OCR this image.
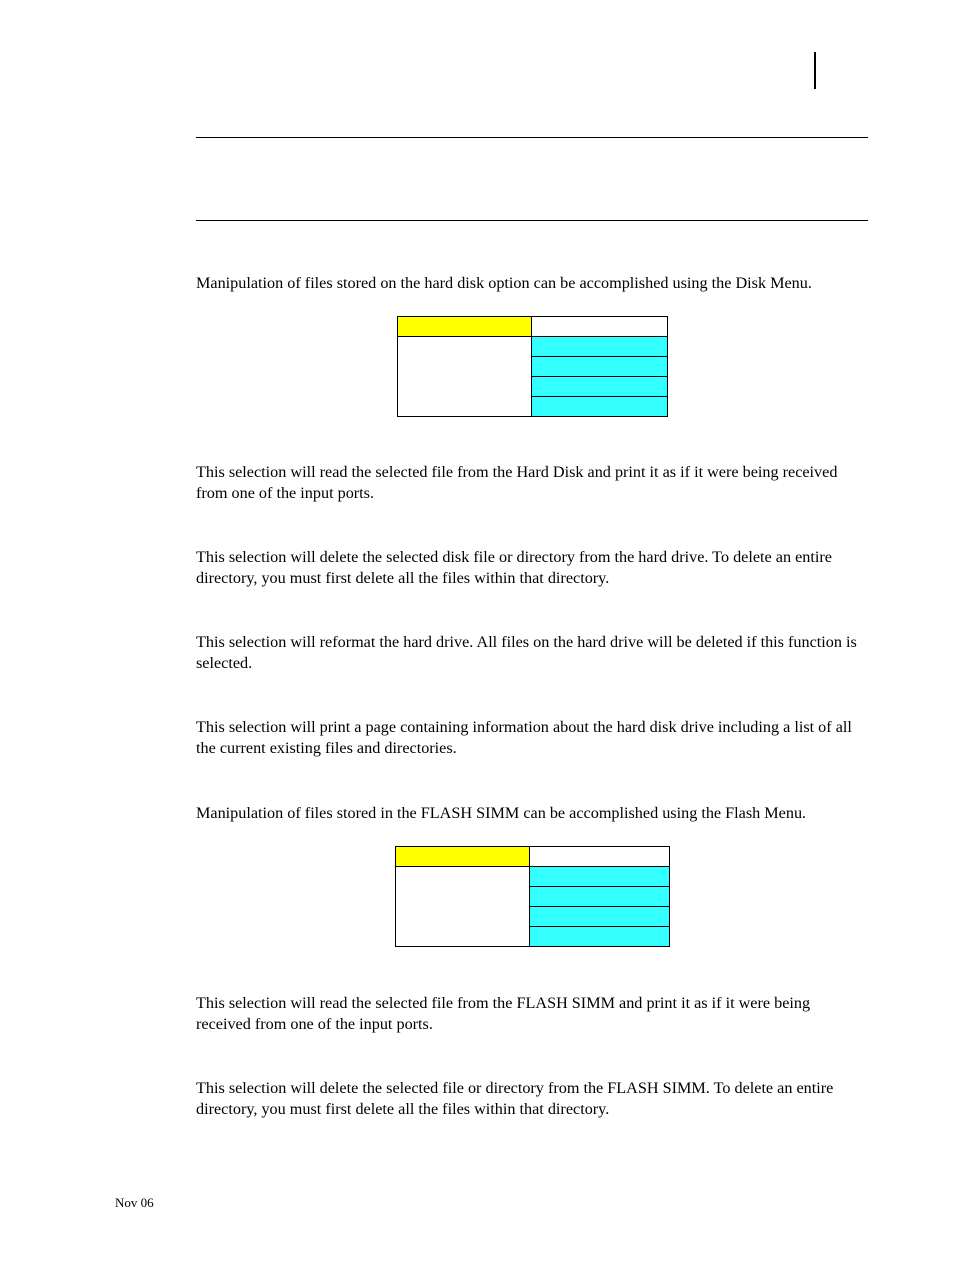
Manipulation of files stored on the hard disk option can be accomplished using the Disk Menu.

This selection will read the selected file from the Hard Disk and print it as if it were being received from one of the input ports.
This selection will delete the selected disk file or directory from the hard drive. To delete an entire directory, you must first delete all the files within that directory.
This selection will reformat the hard drive. All files on the hard drive will be deleted if this function is selected.
This selection will print a page containing information about the hard disk drive including a list of all the current existing files and directories.
Manipulation of files stored in the FLASH SIMM can be accomplished using the Flash Menu.

This selection will read the selected file from the FLASH SIMM and print it as if it were being received from one of the input ports.
This selection will delete the selected file or directory from the FLASH SIMM. To delete an entire directory, you must first delete all the files within that directory.
Nov 06
